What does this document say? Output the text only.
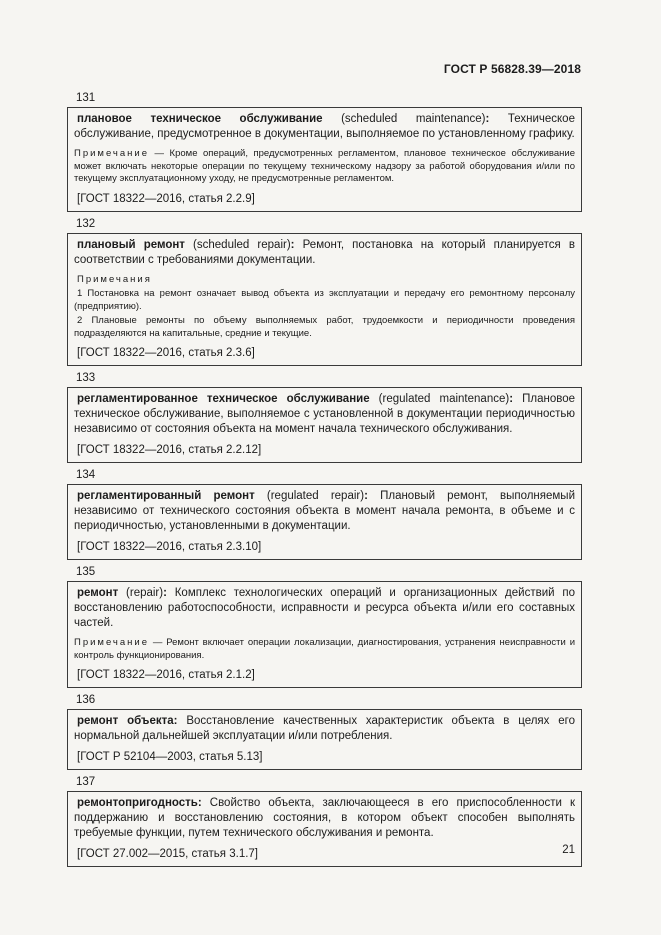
ГОСТ Р 56828.39—2018
131

плановое техническое обслуживание (scheduled maintenance): Техническое обслуживание, предусмотренное в документации, выполняемое по установленному графику.

Примечание — Кроме операций, предусмотренных регламентом, плановое техническое обслуживание может включать некоторые операции по текущему техническому надзору за работой оборудования и/или по текущему эксплуатационному уходу, не предусмотренные регламентом.
[ГОСТ 18322—2016, статья 2.2.9]
132

плановый ремонт (scheduled repair): Ремонт, постановка на который планируется в соответствии с требованиями документации.

Примечания
1 Постановка на ремонт означает вывод объекта из эксплуатации и передачу его ремонтному персоналу (предприятию).
2 Плановые ремонты по объему выполняемых работ, трудоемкости и периодичности проведения подразделяются на капитальные, средние и текущие.
[ГОСТ 18322—2016, статья 2.3.6]
133

регламентированное техническое обслуживание (regulated maintenance): Плановое техническое обслуживание, выполняемое с установленной в документации периодичностью независимо от состояния объекта на момент начала технического обслуживания.

[ГОСТ 18322—2016, статья 2.2.12]
134

регламентированный ремонт (regulated repair): Плановый ремонт, выполняемый независимо от технического состояния объекта в момент начала ремонта, в объеме и с периодичностью, установленными в документации.

[ГОСТ 18322—2016, статья 2.3.10]
135

ремонт (repair): Комплекс технологических операций и организационных действий по восстановлению работоспособности, исправности и ресурса объекта и/или его составных частей.

Примечание — Ремонт включает операции локализации, диагностирования, устранения неисправности и контроль функционирования.
[ГОСТ 18322—2016, статья 2.1.2]
136

ремонт объекта: Восстановление качественных характеристик объекта в целях его нормальной дальнейшей эксплуатации и/или потребления.

[ГОСТ Р 52104—2003, статья 5.13]
137

ремонтопригодность: Свойство объекта, заключающееся в его приспособленности к поддержанию и восстановлению состояния, в котором объект способен выполнять требуемые функции, путем технического обслуживания и ремонта.

[ГОСТ 27.002—2015, статья 3.1.7]	21
